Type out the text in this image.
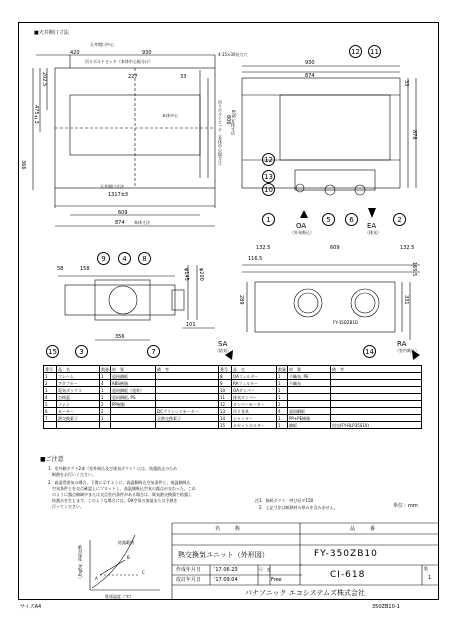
■天井開口寸法
420	930
天井開口中心
吊りボルトピッチ（本体中心振分け）
4-15×30長穴穴
227	33
202.5
475±3
366
本体中心
1317±3
天井開口寸法
609
874 本体寸法
930
874
806
吊りボルトピッチ（本体中心振分け） 878 本体寸法	878
33
12 11
12
13
10
1	5	6	2
OA
（外気吸込）
EA
（排気）
9	4	8
58	158	φ145 φ200
101
356
15	3	7
SA
（給気）
132.5	609	132.5
116.5
165.5
289	331
FY-35DZB1D
14
RA
（室内吸込）
番号	品　名	数量	材　質	備　考	番号	品　名	数量	材　質	備　考
1	フレーム	1	亜鉛鋼板		8	OAフィルター	1	不織布, PE	
2	アダプター	4	ABS樹脂		9	RAフィルター	1	不織布	
3	電気ボックス	1	亜鉛鋼板（塗装）		10	OAダンパー	1		
4	点検蓋	1	亜鉛鋼板, PS		11	排気ダンパー	1		
5	ファン	2	PP樹脂		12	ダンパーモーター	2		
6	モーター	2		DCブラシレスモーター	13	吊り金具	4	亜鉛鋼板	
7	熱交換素子	1		全熱交換素子	14	シャッター	1	PP+PE樹脂	
					15	カセットホルダー	1	鋼板	別売(FY-RLP35S10)
■ご注意
1．室外側ダクト2本（室外吸込及び排気ダクト）には、結露防止のため
　断熱をお行いください。
2．高湿雰囲気の場合、下図に示すように、高温側吸込空気条件と、低温側吸込
　空気条件とを交点確認上にプロットし、高温側吸込空気の露点が交わった、これ
　のように露点線域中または交点室内条件がある場合は、吸気熱交換器で結露し
　結露水を生じます。このような場合には、OA空気の加湿または予熱を
　行ってください。
注1．接続ダクト：呼び径Ｐ150
　2．上記寸法は断熱材の厚みを含みません。	単位：mm
絶対湿度（kg/kg'）
乾球温度（℃）
A
B
C
結露範囲
名　　　称	品　　　番
熱交換気ユニット（外形図）	FY-350ZB10
作成年月日	'17.06.23
改訂年月日	'17.09.04
尺　度
Free	CI-618
版
1
パナソニック エコシステムズ株式会社
サイズA4	350ZB10-1
